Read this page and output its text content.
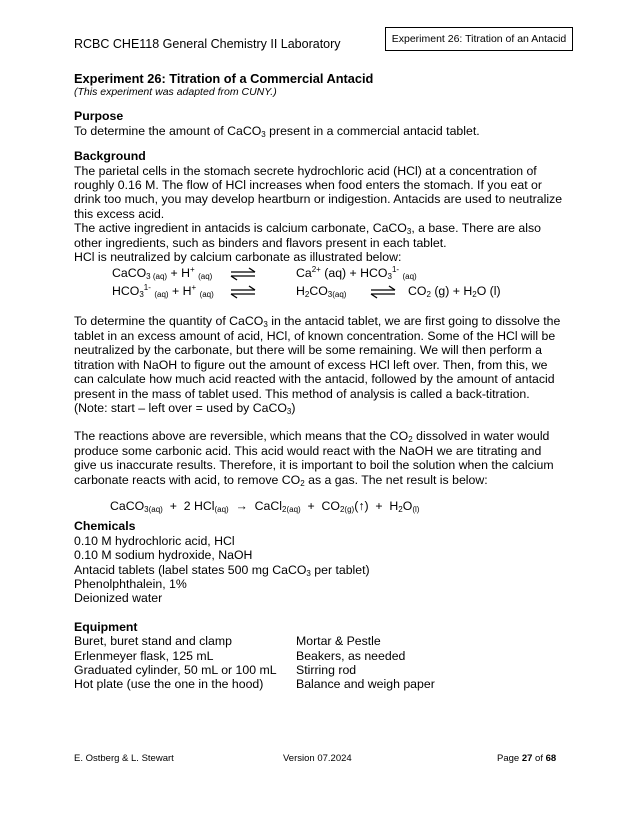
RCBC CHE118 General Chemistry II Laboratory	Experiment 26: Titration of an Antacid
Experiment 26: Titration of a Commercial Antacid
(This experiment was adapted from CUNY.)
Purpose

To determine the amount of CaCO$_3$ present in a commercial antacid tablet.

Background

The parietal cells in the stomach secrete hydrochloric acid (HCl) at a concentration of roughly 0.16 M. The flow of HCl increases when food enters the stomach. If you eat or drink too much, you may develop heartburn or indigestion. Antacids are used to neutralize this excess acid.

The active ingredient in antacids is calcium carbonate, CaCO$_3$, a base. There are also other ingredients, such as binders and flavors present in each tablet.

HCl is neutralized by calcium carbonate as illustrated below:

CaCO$_{3 (aq)}$ + H+ $_{(aq)}$ ⇌	$Ca^{2+}$ $(aq) + HCO_3^{1-}$ $_{(aq)}$
$HCO_3^{1-}$ $_{(aq)}$ + H+ $_{(aq)}$ ⇌	$H_2CO_{3(aq)}$ ⇌ $CO_2$ $(g) + H_2O$ (l)

To determine the quantity of CaCO$_3$ in the antacid tablet, we are first going to dissolve the tablet in an excess amount of acid, HCl, of known concentration. Some of the HCl will be neutralized by the carbonate, but there will be some remaining. We will then perform a titration with NaOH to figure out the amount of excess HCl left over. Then, from this, we can calculate how much acid reacted with the antacid, followed by the amount of antacid present in the mass of tablet used. This method of analysis is called a back-titration. (Note: start – left over = used by CaCO$_3$)

The reactions above are reversible, which means that the $CO_2$ dissolved in water would produce some carbonic acid. This acid would react with the NaOH we are titrating and give us inaccurate results. Therefore, it is important to boil the solution when the calcium carbonate reacts with acid, to remove $CO_2$ as a gas. The net result is below:

CaCO$_{3(aq)}$  +  2 HCl$_{(aq)}$  →  CaCl$_{2(aq)}$  +  $CO_{2(g)}(↑) + H_2O_{(l)}$
Chemicals
0.10 M hydrochloric acid, HCl
0.10 M sodium hydroxide, NaOH
Antacid tablets (label states 500 mg CaCO$_3$ per tablet)
Phenolphthalein, 1%
Deionized water
Equipment
Buret, buret stand and clamp	Mortar & Pestle
Erlenmeyer flask, 125 mL	Beakers, as needed
Graduated cylinder, 50 mL or 100 mL	Stirring rod
Hot plate (use the one in the hood)	Balance and weigh paper
E. Ostberg & L. Stewart	Version 07.2024	Page 27 of 68
